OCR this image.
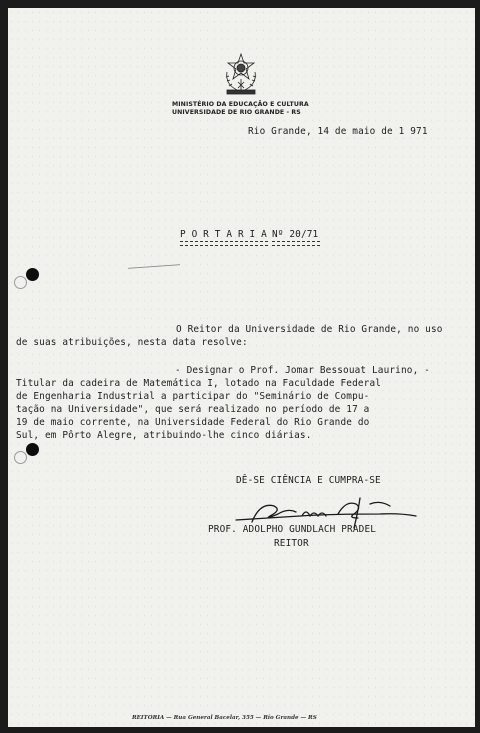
MINISTÉRIO DA EDUCAÇÃO E CULTURA
UNIVERSIDADE DE RIO GRANDE - RS
Rio Grande, 14 de maio de 1 971
P O R T A R I A Nº 20/71
O Reitor da Universidade de Rio Grande, no uso
de suas atribuições, nesta data resolve:
- Designar o Prof. Jomar Bessouat Laurino, -
Titular da cadeira de Matemática I, lotado na Faculdade Federal
de Engenharia Industrial a participar do "Seminário de Compu-
tação na Universidade", que será realizado no período de 17 a
19 de maio corrente, na Universidade Federal do Rio Grande do
Sul, em Pôrto Alegre, atribuindo-lhe cinco diárias.
DÊ-SE CIÊNCIA E CUMPRA-SE
PROF. ADOLPHO GUNDLACH PRADEL
REITOR
REITORIA — Rua General Bacelar, 355 — Rio Grande — RS
